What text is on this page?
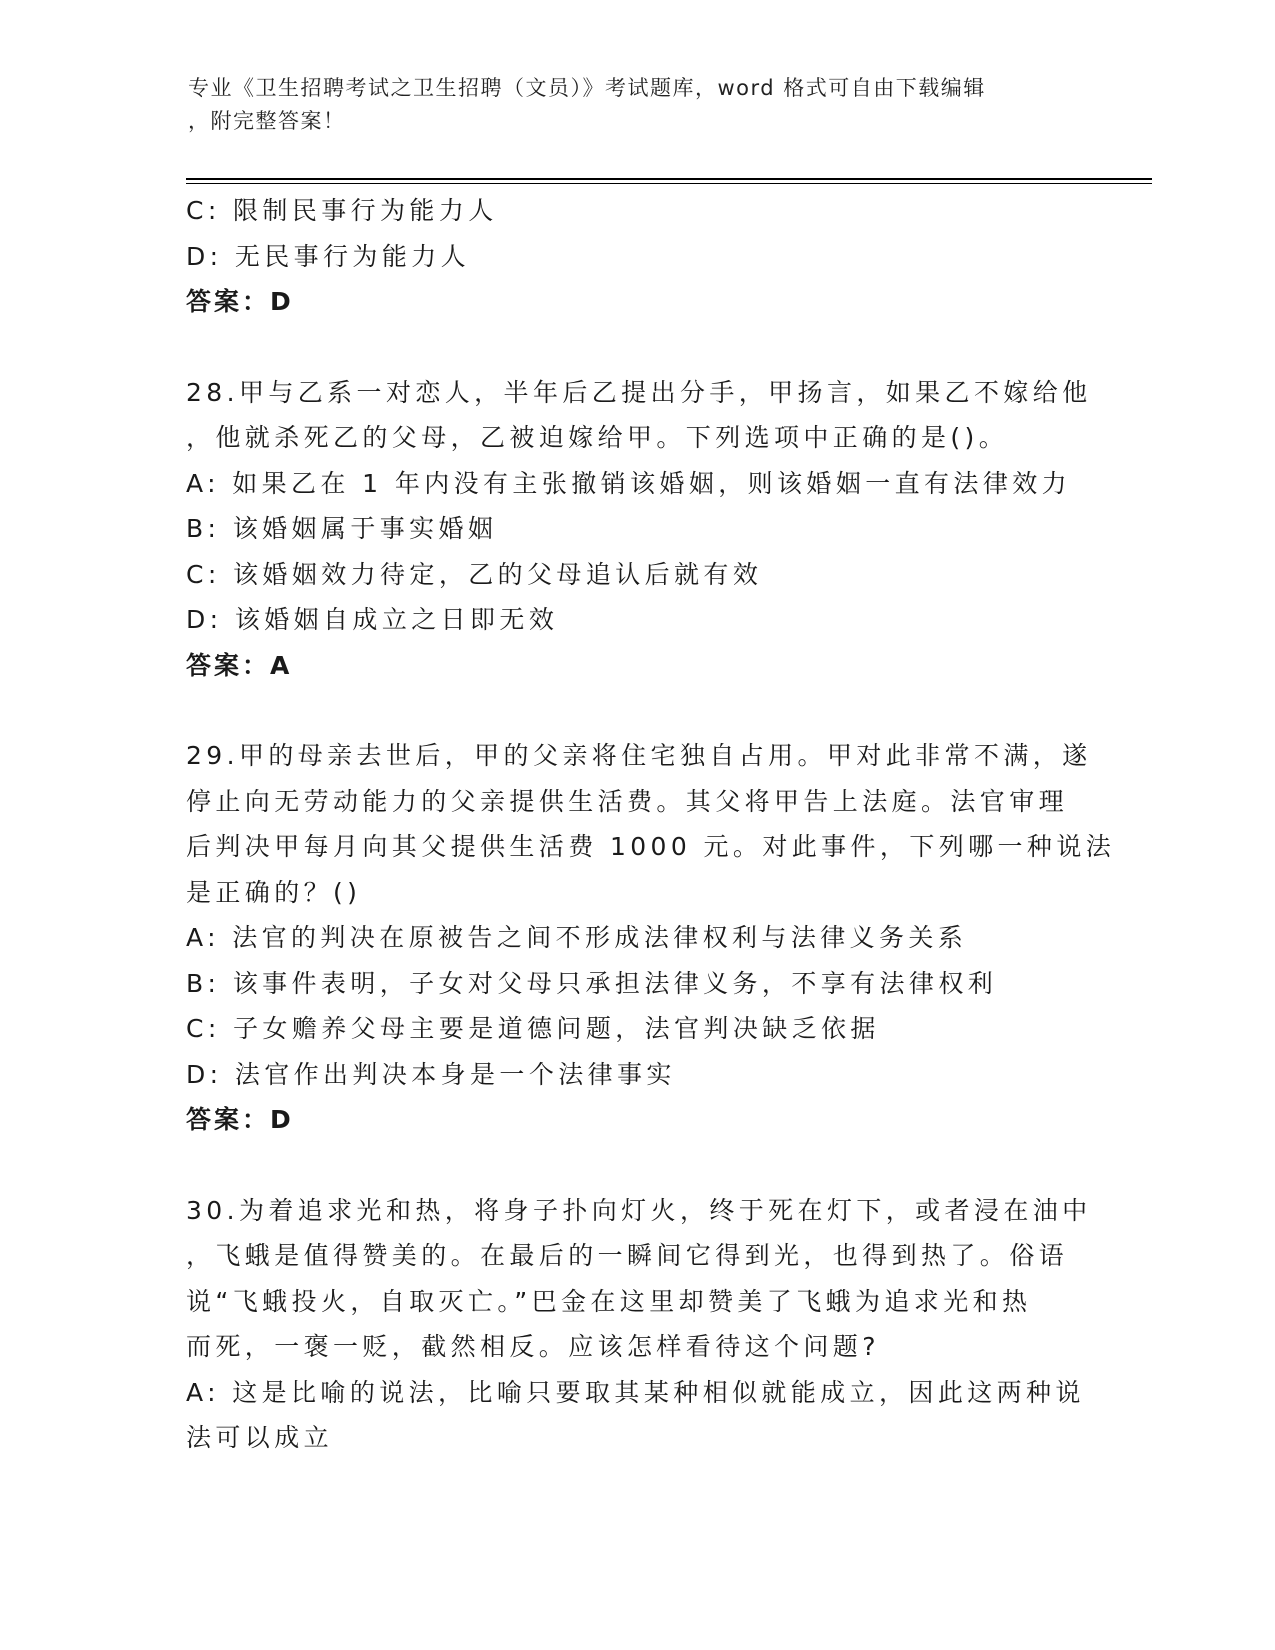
专业《卫生招聘考试之卫生招聘（文员）》考试题库，word 格式可自由下载编辑
，附完整答案！
C: 限制民事行为能力人
D: 无民事行为能力人
答案：D
28.甲与乙系一对恋人，半年后乙提出分手，甲扬言，如果乙不嫁给他
，他就杀死乙的父母，乙被迫嫁给甲。下列选项中正确的是()。
A: 如果乙在 1 年内没有主张撤销该婚姻，则该婚姻一直有法律效力
B: 该婚姻属于事实婚姻
C: 该婚姻效力待定，乙的父母追认后就有效
D: 该婚姻自成立之日即无效
答案：A
29.甲的母亲去世后，甲的父亲将住宅独自占用。甲对此非常不满，遂
停止向无劳动能力的父亲提供生活费。其父将甲告上法庭。法官审理
后判决甲每月向其父提供生活费 1000 元。对此事件，下列哪一种说法
是正确的？()
A: 法官的判决在原被告之间不形成法律权利与法律义务关系
B: 该事件表明，子女对父母只承担法律义务，不享有法律权利
C: 子女赡养父母主要是道德问题，法官判决缺乏依据
D: 法官作出判决本身是一个法律事实
答案：D
30.为着追求光和热，将身子扑向灯火，终于死在灯下，或者浸在油中
，飞蛾是值得赞美的。在最后的一瞬间它得到光，也得到热了。俗语
说“飞蛾投火，自取灭亡。”巴金在这里却赞美了飞蛾为追求光和热
而死，一褒一贬，截然相反。应该怎样看待这个问题?
A: 这是比喻的说法，比喻只要取其某种相似就能成立，因此这两种说
法可以成立
